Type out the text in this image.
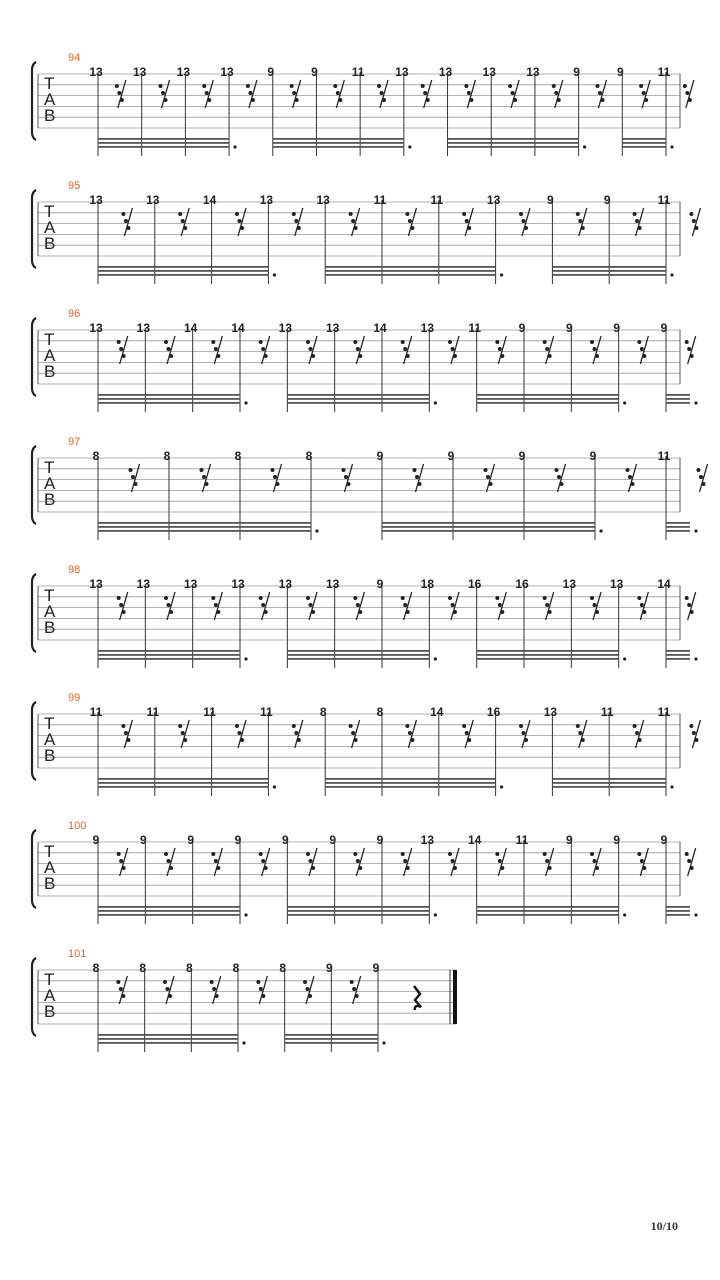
94
T
A
B
13	13	13	13	9	9	11	13	13	13	13	9	9	11
95
T
A
B
13	13	14	13	13	11	11	13	9	9	11
96
T
A
B
13	13	14	14	13	13	14	13	11	9	9	9	9
97
T
A
B
8	8	8	8	9	9	9	9	11
98
T
A
B
13	13	13	13	13	13	9	18	16	16	13	13	14
99
T
A
B
11	11	11	11	8	8	14	16	13	11	11
100
T
A
B
9	9	9	9	9	9	9	13	14	11	9	9	9
101
T
A
B
8	8	8	8	8	9	9
10/10
